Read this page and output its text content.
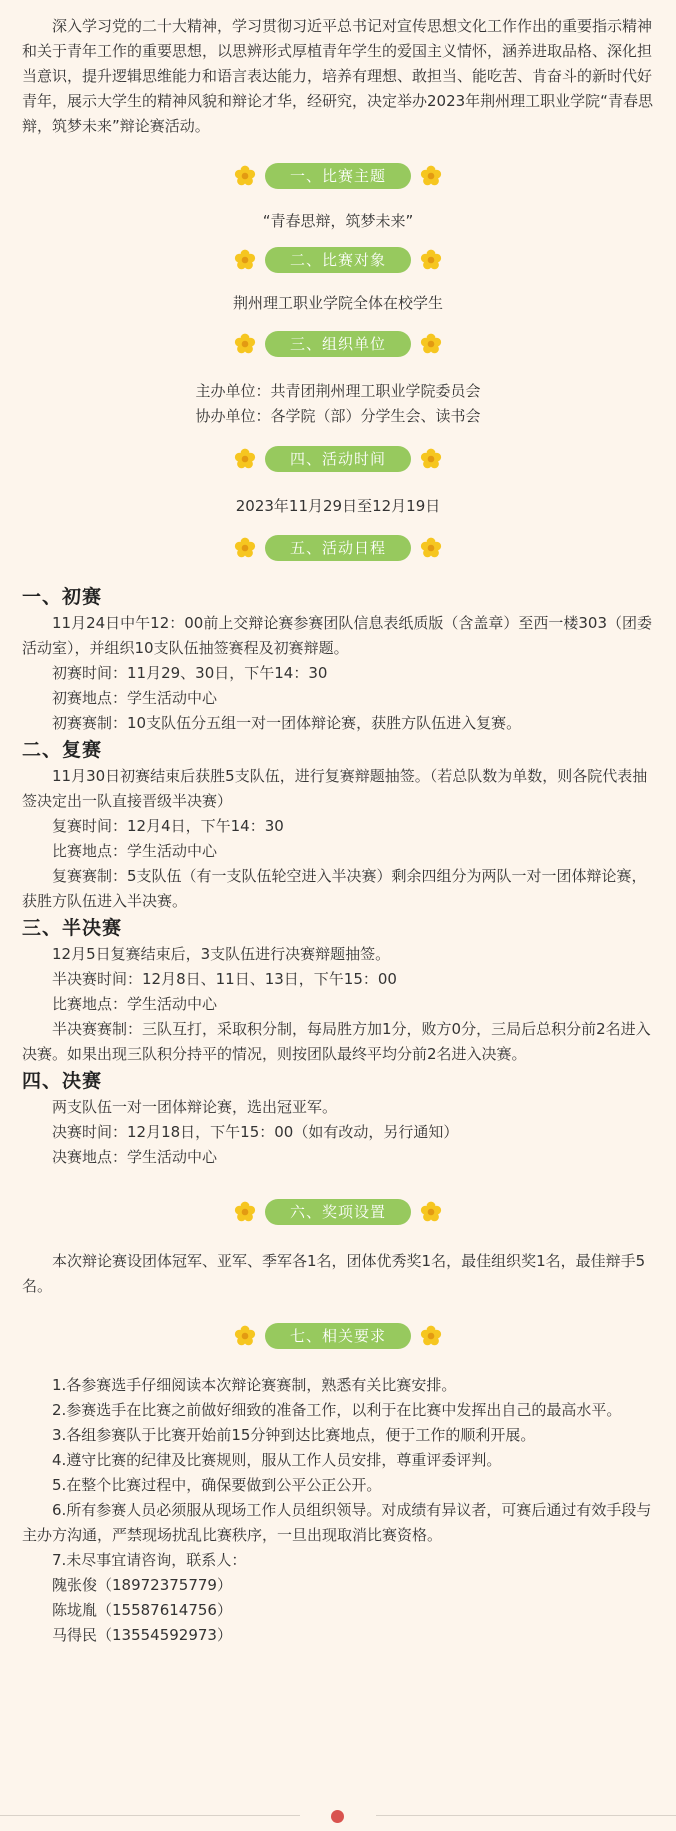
深入学习党的二十大精神，学习贯彻习近平总书记对宣传思想文化工作作出的重要指示精神和关于青年工作的重要思想，以思辨形式厚植青年学生的爱国主义情怀，涵养进取品格、深化担当意识，提升逻辑思维能力和语言表达能力，培养有理想、敢担当、能吃苦、肯奋斗的新时代好青年，展示大学生的精神风貌和辩论才华，经研究，决定举办2023年荆州理工职业学院“青春思辩，筑梦未来”辩论赛活动。

一、比赛主题

“青春思辩，筑梦未来”

二、比赛对象

荆州理工职业学院全体在校学生

三、组织单位

主办单位：共青团荆州理工职业学院委员会

协办单位：各学院（部）分学生会、读书会

四、活动时间

2023年11月29日至12月19日

五、活动日程
一、初赛

11月24日中午12：00前上交辩论赛参赛团队信息表纸质版（含盖章）至西一楼303（团委活动室），并组织10支队伍抽签赛程及初赛辩题。

初赛时间：11月29、30日，下午14：30

初赛地点：学生活动中心

初赛赛制：10支队伍分五组一对一团体辩论赛，获胜方队伍进入复赛。

二、复赛

11月30日初赛结束后获胜5支队伍，进行复赛辩题抽签。（若总队数为单数，则各院代表抽签决定出一队直接晋级半决赛）

复赛时间：12月4日，下午14：30

比赛地点：学生活动中心

复赛赛制：5支队伍（有一支队伍轮空进入半决赛）剩余四组分为两队一对一团体辩论赛，获胜方队伍进入半决赛。

三、半决赛

12月5日复赛结束后，3支队伍进行决赛辩题抽签。

半决赛时间：12月8日、11日、13日，下午15：00

比赛地点：学生活动中心

半决赛赛制：三队互打，采取积分制，每局胜方加1分，败方0分，三局后总积分前2名进入决赛。如果出现三队积分持平的情况，则按团队最终平均分前2名进入决赛。

四、决赛

两支队伍一对一团体辩论赛，选出冠亚军。

决赛时间：12月18日，下午15：00（如有改动，另行通知）

决赛地点：学生活动中心

六、奖项设置

本次辩论赛设团体冠军、亚军、季军各1名，团体优秀奖1名，最佳组织奖1名，最佳辩手5名。

七、相关要求

1.各参赛选手仔细阅读本次辩论赛赛制，熟悉有关比赛安排。

2.参赛选手在比赛之前做好细致的准备工作，以利于在比赛中发挥出自己的最高水平。

3.各组参赛队于比赛开始前15分钟到达比赛地点，便于工作的顺利开展。

4.遵守比赛的纪律及比赛规则，服从工作人员安排，尊重评委评判。

5.在整个比赛过程中，确保要做到公平公正公开。

6.所有参赛人员必须服从现场工作人员组织领导。对成绩有异议者，可赛后通过有效手段与主办方沟通，严禁现场扰乱比赛秩序，一旦出现取消比赛资格。

7.未尽事宜请咨询，联系人：

隗张俊（18972375779）

陈垅胤（15587614756）

马得民（13554592973）
